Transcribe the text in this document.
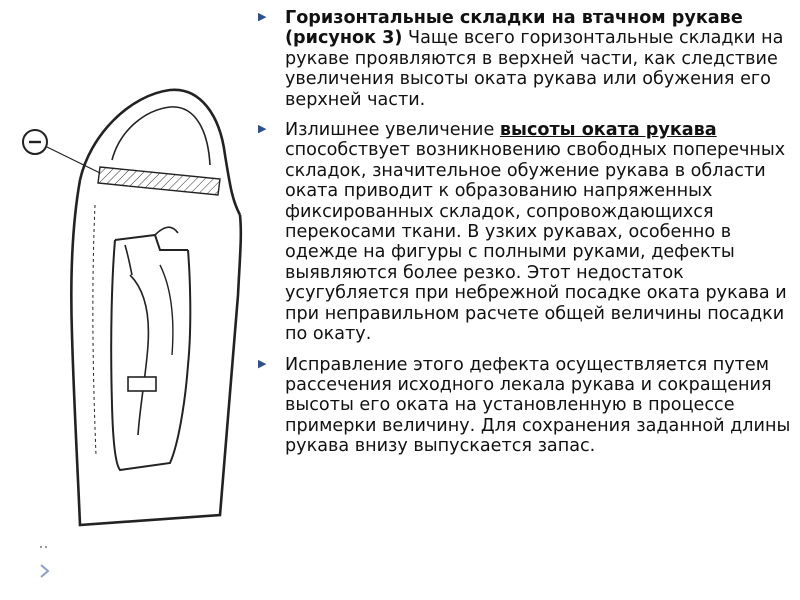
▶ Горизонтальные складки на втачном рукаве (рисунок 3) Чаще всего горизонтальные складки на рукаве проявляются в верхней части, как следствие увеличения высоты оката рукава или обужения его верхней части.
▶ Излишнее увеличение высоты оката рукава способствует возникновению свободных поперечных складок, значительное обужение рукава в области оката приводит к образованию напряженных фиксированных складок, сопровождающихся перекосами ткани. В узких рукавах, особенно в одежде на фигуры с полными руками, дефекты выявляются более резко. Этот недостаток усугубляется при небрежной посадке оката рукава и при неправильном расчете общей величины посадки по окату.
▶ Исправление этого дефекта осуществляется путем рассечения исходного лекала рукава и сокращения высоты его оката на установленную в процессе примерки величину. Для сохранения заданной длины рукава внизу выпускается запас.
